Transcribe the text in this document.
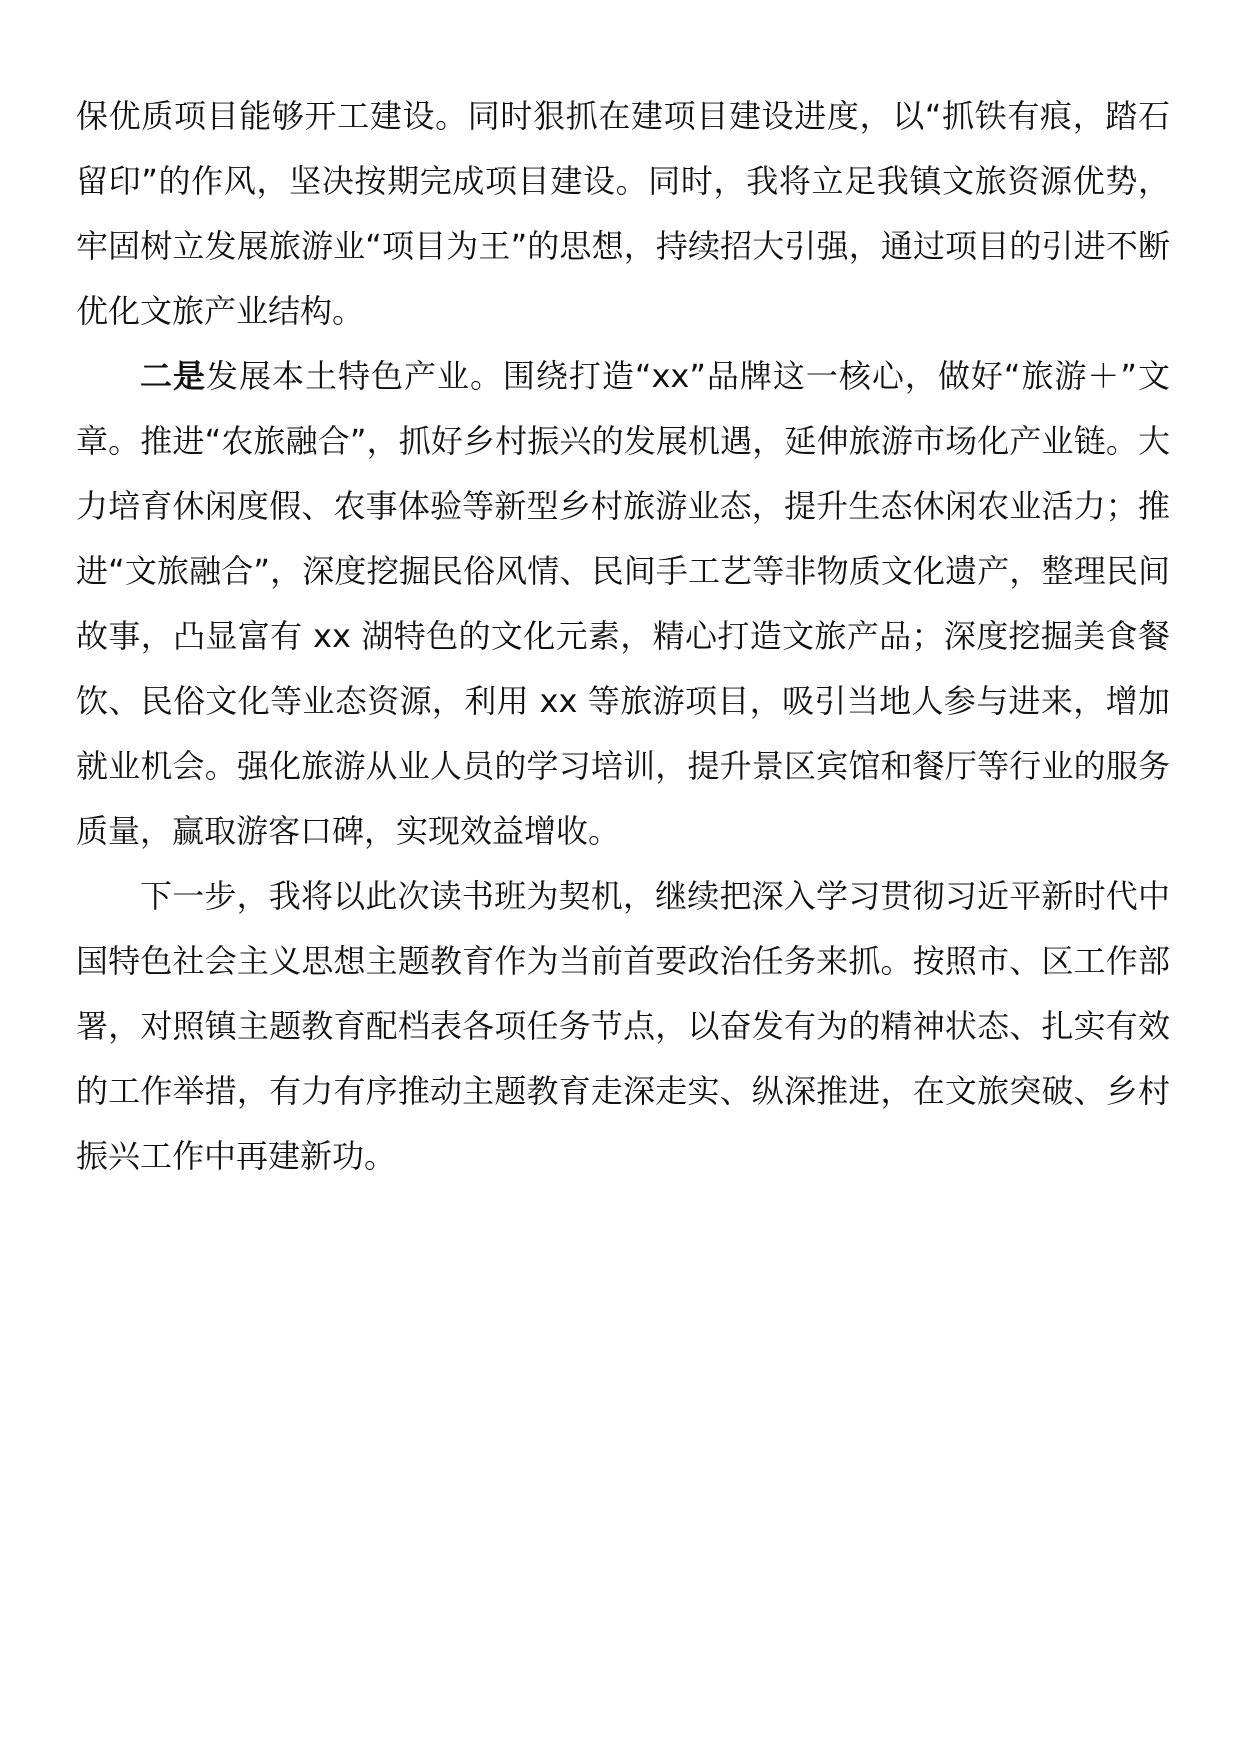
保优质项目能够开工建设。同时狠抓在建项目建设进度，以“抓铁有痕，踏石留印”的作风，坚决按期完成项目建设。同时，我将立足我镇文旅资源优势，牢固树立发展旅游业“项目为王”的思想，持续招大引强，通过项目的引进不断优化文旅产业结构。

二是发展本土特色产业。围绕打造“xx”品牌这一核心，做好“旅游＋”文章。推进“农旅融合”，抓好乡村振兴的发展机遇，延伸旅游市场化产业链。大力培育休闲度假、农事体验等新型乡村旅游业态，提升生态休闲农业活力；推进“文旅融合”，深度挖掘民俗风情、民间手工艺等非物质文化遗产，整理民间故事，凸显富有 xx 湖特色的文化元素，精心打造文旅产品；深度挖掘美食餐饮、民俗文化等业态资源，利用 xx 等旅游项目，吸引当地人参与进来，增加就业机会。强化旅游从业人员的学习培训，提升景区宾馆和餐厅等行业的服务质量，赢取游客口碑，实现效益增收。

下一步，我将以此次读书班为契机，继续把深入学习贯彻习近平新时代中国特色社会主义思想主题教育作为当前首要政治任务来抓。按照市、区工作部署，对照镇主题教育配档表各项任务节点，以奋发有为的精神状态、扎实有效的工作举措，有力有序推动主题教育走深走实、纵深推进，在文旅突破、乡村振兴工作中再建新功。
